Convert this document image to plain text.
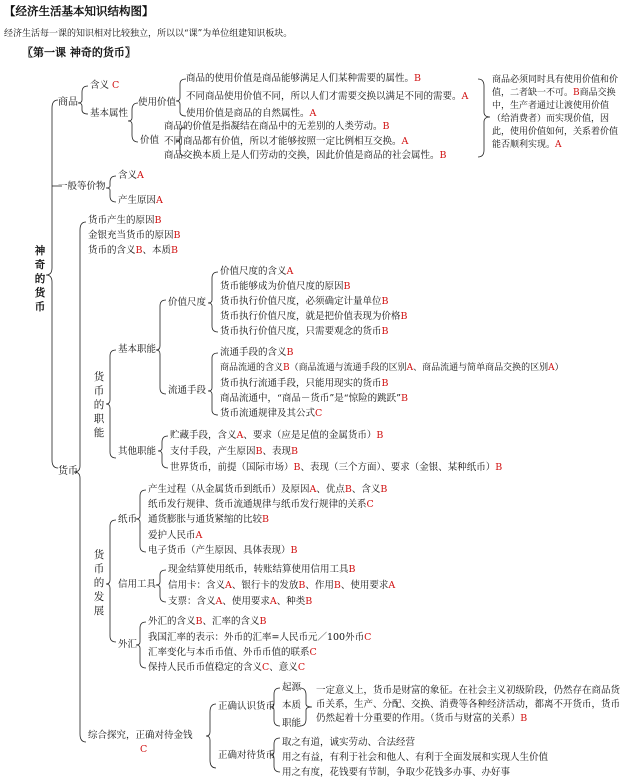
【经济生活基本知识结构图】
经济生活每一课的知识相对比较独立，所以以“课”为单位组建知识板块。
〖第一课 神奇的货币〗
神奇的货币
商品
含义 C
基本属性
使用价值
商品的使用价值是商品能够满足人们某种需要的属性。B
不同商品使用价值不同，所以人们才需要交换以满足不同的需要。A
使用价值是商品的自然属性。A
价值
商品的价值是指凝结在商品中的无差别的人类劳动。B
不同商品都有价值，所以才能够按照一定比例相互交换。A
商品交换本质上是人们劳动的交换，因此价值是商品的社会属性。B
商品必须同时具有使用价值和价值，二者缺一不可。B商品交换中，生产者通过让渡使用价值（给消费者）而实现价值，因此，使用价值如何，关系着价值能否顺利实现。A
一般等价物
含义A
产生原因A
货币
货币产生的原因B
金银充当货币的原因B
货币的含义B、本质B
货币的职能
基本职能
价值尺度
价值尺度的含义A
货币能够成为价值尺度的原因B
货币执行价值尺度，必须确定计量单位B
货币执行价值尺度，就是把价值表现为价格B
货币执行价值尺度，只需要观念的货币B
流通手段
流通手段的含义B
商品流通的含义B（商品流通与流通手段的区别A、商品流通与简单商品交换的区别A）
货币执行流通手段，只能用现实的货币B
商品流通中，“商品－货币”是“惊险的跳跃”B
货币流通规律及其公式C
其他职能
贮藏手段，含义A、要求（应是足值的金属货币）B
支付手段，产生原因B、表现B
世界货币，前提（国际市场）B、表现（三个方面）、要求（金银、某种纸币）B
货币的发展
纸币
产生过程（从金属货币到纸币）及原因A、优点B、含义B
纸币发行规律、货币流通规律与纸币发行规律的关系C
通货膨胀与通货紧缩的比较B
爱护人民币A
电子货币（产生原因、具体表现）B
信用工具
现金结算使用纸币，转账结算使用信用工具B
信用卡：含义A、银行卡的发放B、作用B、使用要求A
支票：含义A、使用要求A、种类B
外汇
外汇的含义B、汇率的含义B
我国汇率的表示：外币的汇率=人民币元／100外币C
汇率变化与本币币值、外币币值的联系C
保持人民币币值稳定的含义C、意义C
综合探究，正确对待金钱
C
正确认识货币
起源
本质
职能
一定意义上，货币是财富的象征。在社会主义初级阶段，仍然存在商品货币关系，生产、分配、交换、消费等各种经济活动，都离不开货币，货币仍然起着十分重要的作用。（货币与财富的关系）B
正确对待货币
取之有道，诚实劳动、合法经营
用之有益，有利于社会和他人、有利于全面发展和实现人生价值
用之有度，花钱要有节制，争取少花钱多办事、办好事
